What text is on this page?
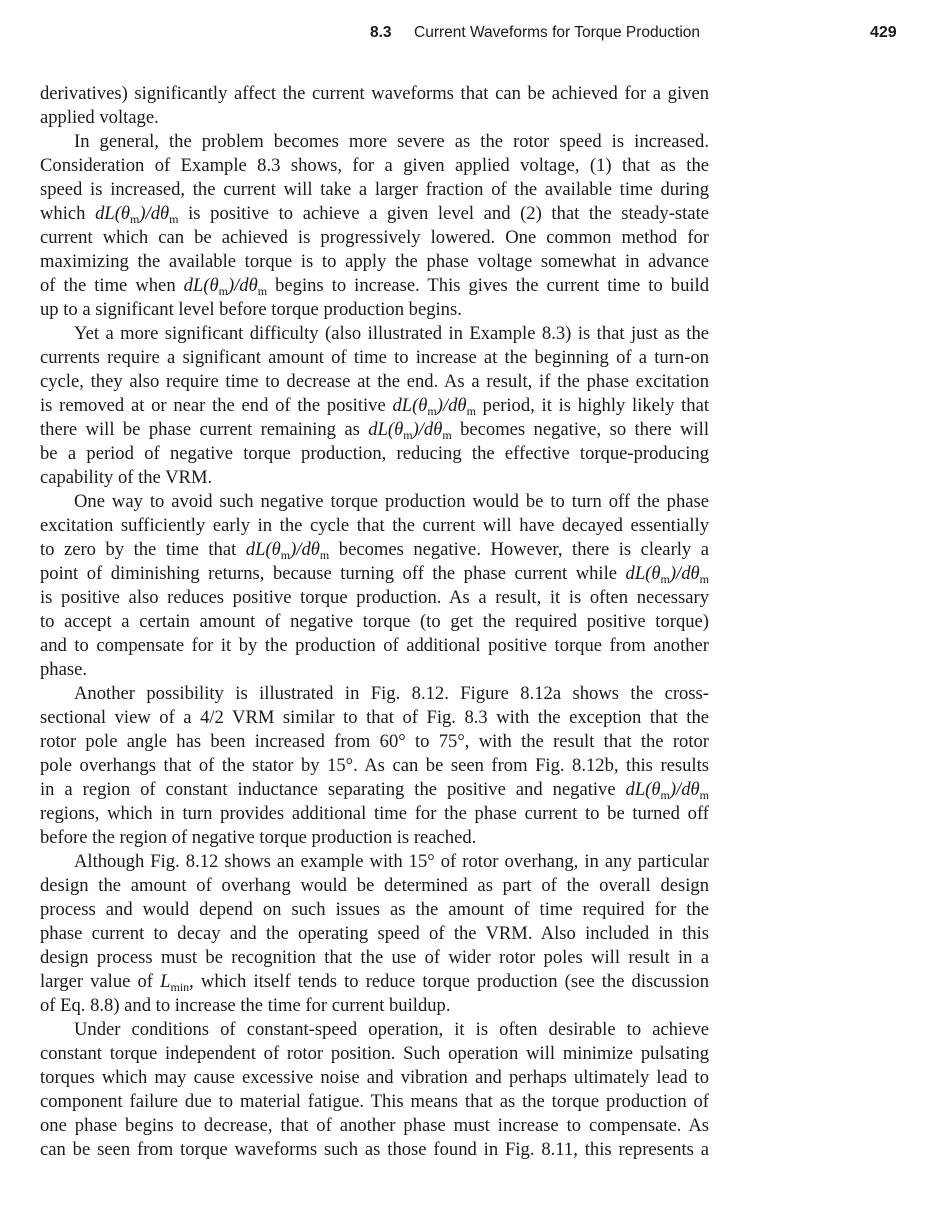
8.3 Current Waveforms for Torque Production	429
derivatives) significantly affect the current waveforms that can be achieved for a given
applied voltage.
In general, the problem becomes more severe as the rotor speed is increased.
Consideration of Example 8.3 shows, for a given applied voltage, (1) that as the
speed is increased, the current will take a larger fraction of the available time during
which $dL(\theta_m)/d\theta_m$ is positive to achieve a given level and (2) that the steady-state
current which can be achieved is progressively lowered. One common method for
maximizing the available torque is to apply the phase voltage somewhat in advance
of the time when $dL(\theta_m)/d\theta_m$ begins to increase. This gives the current time to build
up to a significant level before torque production begins.
Yet a more significant difficulty (also illustrated in Example 8.3) is that just as the
currents require a significant amount of time to increase at the beginning of a turn-on
cycle, they also require time to decrease at the end. As a result, if the phase excitation
is removed at or near the end of the positive $dL(\theta_m)/d\theta_m$ period, it is highly likely that
there will be phase current remaining as $dL(\theta_m)/d\theta_m$ becomes negative, so there will
be a period of negative torque production, reducing the effective torque-producing
capability of the VRM.
One way to avoid such negative torque production would be to turn off the phase
excitation sufficiently early in the cycle that the current will have decayed essentially
to zero by the time that $dL(\theta_m)/d\theta_m$ becomes negative. However, there is clearly a
point of diminishing returns, because turning off the phase current while $dL(\theta_m)/d\theta_m$
is positive also reduces positive torque production. As a result, it is often necessary
to accept a certain amount of negative torque (to get the required positive torque)
and to compensate for it by the production of additional positive torque from another
phase.
Another possibility is illustrated in Fig. 8.12. Figure 8.12a shows the cross-
sectional view of a 4/2 VRM similar to that of Fig. 8.3 with the exception that the
rotor pole angle has been increased from 60° to 75°, with the result that the rotor
pole overhangs that of the stator by 15°. As can be seen from Fig. 8.12b, this results
in a region of constant inductance separating the positive and negative $dL(\theta_m)/d\theta_m$
regions, which in turn provides additional time for the phase current to be turned off
before the region of negative torque production is reached.
Although Fig. 8.12 shows an example with 15° of rotor overhang, in any particular
design the amount of overhang would be determined as part of the overall design
process and would depend on such issues as the amount of time required for the
phase current to decay and the operating speed of the VRM. Also included in this
design process must be recognition that the use of wider rotor poles will result in a
larger value of $L_{min}$, which itself tends to reduce torque production (see the discussion
of Eq. 8.8) and to increase the time for current buildup.
Under conditions of constant-speed operation, it is often desirable to achieve
constant torque independent of rotor position. Such operation will minimize pulsating
torques which may cause excessive noise and vibration and perhaps ultimately lead to
component failure due to material fatigue. This means that as the torque production of
one phase begins to decrease, that of another phase must increase to compensate. As
can be seen from torque waveforms such as those found in Fig. 8.11, this represents a
